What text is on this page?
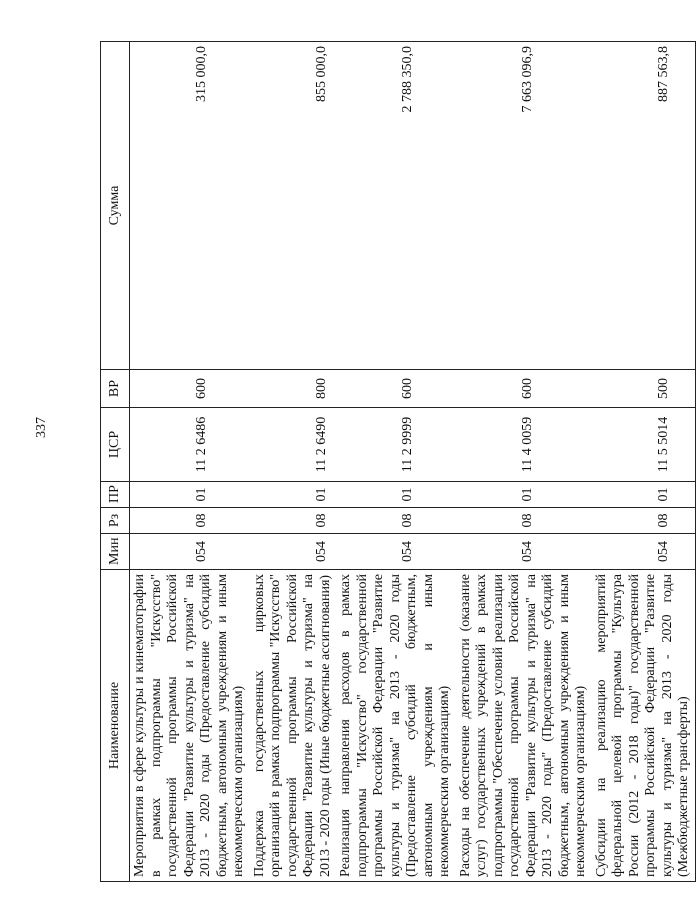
337
Наименование	Мин	Рз	ПР	ЦСР	ВР	Сумма
Мероприятия в сфере культуры и кинематографии в рамках подпрограммы "Искусство" государственной программы Российской Федерации "Развитие культуры и туризма" на 2013 - 2020 годы (Предоставление субсидий бюджетным, автономным учреждениям и иным некоммерческим организациям)	054	08	01	11 2 6486	600	315 000,0
Поддержка государственных цирковых организаций в рамках подпрограммы "Искусство" государственной программы Российской Федерации "Развитие культуры и туризма" на 2013 - 2020 годы (Иные бюджетные ассигнования)	054	08	01	11 2 6490	800	855 000,0
Реализация направления расходов в рамках подпрограммы "Искусство" государственной программы Российской Федерации "Развитие культуры и туризма" на 2013 - 2020 годы (Предоставление субсидий бюджетным, автономным учреждениям и иным некоммерческим организациям)	054	08	01	11 2 9999	600	2 788 350,0
Расходы на обеспечение деятельности (оказание услуг) государственных учреждений в рамках подпрограммы "Обеспечение условий реализации государственной программы Российской Федерации "Развитие культуры и туризма" на 2013 - 2020 годы" (Предоставление субсидий бюджетным, автономным учреждениям и иным некоммерческим организациям)	054	08	01	11 4 0059	600	7 663 096,9
Субсидии на реализацию мероприятий федеральной целевой программы "Культура России (2012 - 2018 годы)" государственной программы Российской Федерации "Развитие культуры и туризма" на 2013 - 2020 годы (Межбюджетные трансферты)	054	08	01	11 5 5014	500	887 563,8
